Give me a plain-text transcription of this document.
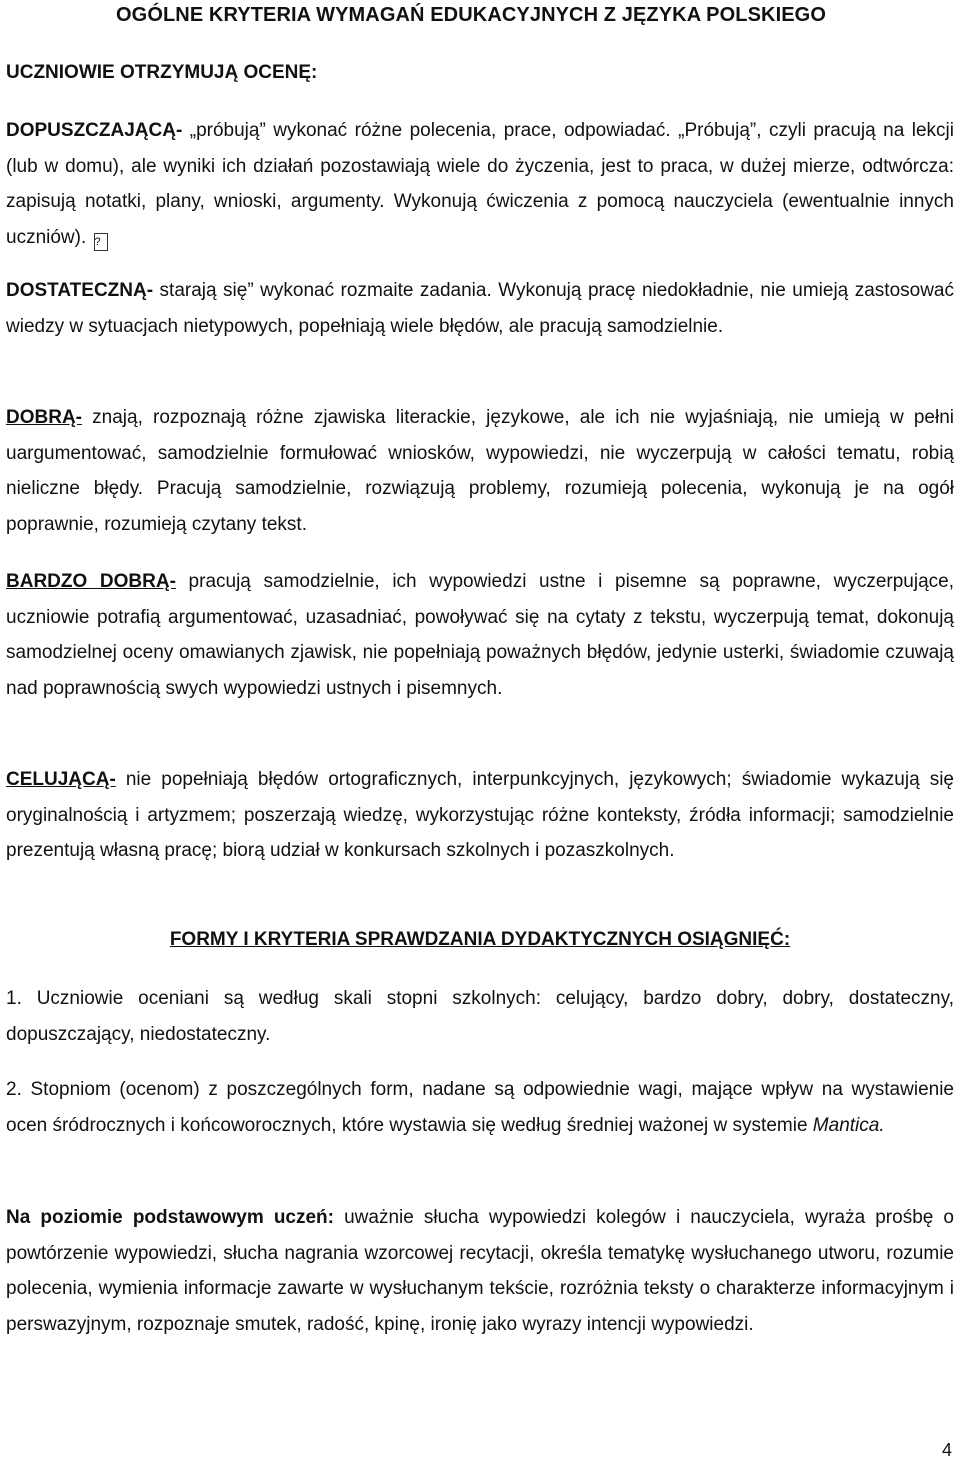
OGÓLNE KRYTERIA WYMAGAŃ EDUKACYJNYCH Z JĘZYKA POLSKIEGO

UCZNIOWIE OTRZYMUJĄ OCENĘ:

DOPUSZCZAJĄCĄ- „próbują” wykonać różne polecenia, prace, odpowiadać. „Próbują”, czyli pracują na lekcji (lub w domu), ale wyniki ich działań pozostawiają wiele do życzenia, jest to praca, w dużej mierze, odtwórcza: zapisują notatki, plany, wnioski, argumenty. Wykonują ćwiczenia z pomocą nauczyciela (ewentualnie innych uczniów). ?

DOSTATECZNĄ- starają się” wykonać rozmaite zadania. Wykonują pracę niedokładnie, nie umieją zastosować wiedzy w sytuacjach nietypowych, popełniają wiele błędów, ale pracują samodzielnie.

DOBRĄ- znają, rozpoznają różne zjawiska literackie, językowe, ale ich nie wyjaśniają, nie umieją w pełni uargumentować, samodzielnie formułować wniosków, wypowiedzi, nie wyczerpują w całości tematu, robią nieliczne błędy. Pracują samodzielnie, rozwiązują problemy, rozumieją polecenia, wykonują je na ogół poprawnie, rozumieją czytany tekst.

BARDZO DOBRĄ- pracują samodzielnie, ich wypowiedzi ustne i pisemne są poprawne, wyczerpujące, uczniowie potrafią argumentować, uzasadniać, powoływać się na cytaty z tekstu, wyczerpują temat, dokonują samodzielnej oceny omawianych zjawisk, nie popełniają poważnych błędów, jedynie usterki, świadomie czuwają nad poprawnością swych wypowiedzi ustnych i pisemnych.

CELUJĄCĄ- nie popełniają błędów ortograficznych, interpunkcyjnych, językowych; świadomie wykazują się oryginalnością i artyzmem; poszerzają wiedzę, wykorzystując różne konteksty, źródła informacji; samodzielnie prezentują własną pracę; biorą udział w konkursach szkolnych i pozaszkolnych.

FORMY I KRYTERIA SPRAWDZANIA DYDAKTYCZNYCH OSIĄGNIĘĆ:

1. Uczniowie oceniani są według skali stopni szkolnych: celujący, bardzo dobry, dobry, dostateczny, dopuszczający, niedostateczny.

2. Stopniom (ocenom) z poszczególnych form, nadane są odpowiednie wagi, mające wpływ na wystawienie ocen śródrocznych i końcoworocznych, które wystawia się według średniej ważonej w systemie Mantica.

Na poziomie podstawowym uczeń: uważnie słucha wypowiedzi kolegów i nauczyciela, wyraża prośbę o powtórzenie wypowiedzi, słucha nagrania wzorcowej recytacji, określa tematykę wysłuchanego utworu, rozumie polecenia, wymienia informacje zawarte w wysłuchanym tekście, rozróżnia teksty o charakterze informacyjnym i perswazyjnym, rozpoznaje smutek, radość, kpinę, ironię jako wyrazy intencji wypowiedzi.

4
